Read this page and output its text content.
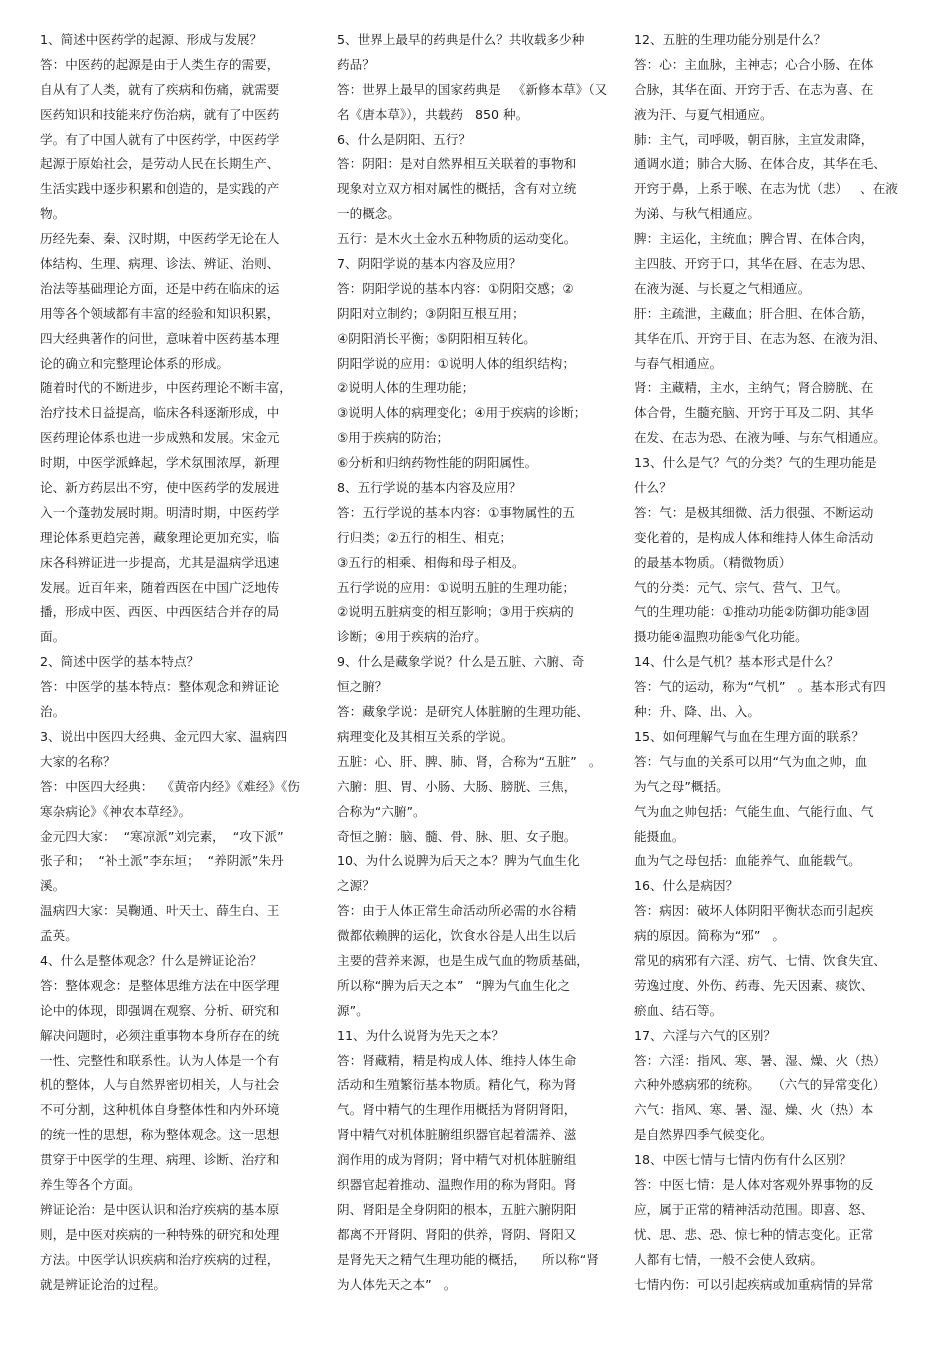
1、简述中医药学的起源、形成与发展？
答：中医药的起源是由于人类生存的需要，
自从有了人类，就有了疾病和伤痛，就需要
医药知识和技能来疗伤治病，就有了中医药
学。有了中国人就有了中医药学，中医药学
起源于原始社会，是劳动人民在长期生产、
生活实践中逐步积累和创造的，是实践的产
物。
历经先秦、秦、汉时期，中医药学无论在人
体结构、生理、病理、诊法、辨证、治则、
治法等基础理论方面，还是中药在临床的运
用等各个领域都有丰富的经验和知识积累，
四大经典著作的问世，意味着中医药基本理
论的确立和完整理论体系的形成。
随着时代的不断进步，中医药理论不断丰富，
治疗技术日益提高，临床各科逐渐形成，中
医药理论体系也进一步成熟和发展。宋金元
时期，中医学派蜂起，学术氛围浓厚，新理
论、新方药层出不穷，使中医药学的发展进
入一个蓬勃发展时期。明清时期，中医药学
理论体系更趋完善，藏象理论更加充实，临
床各科辨证进一步提高，尤其是温病学迅速
发展。近百年来，随着西医在中国广泛地传
播，形成中医、西医、中西医结合并存的局
面。
2、简述中医学的基本特点？
答：中医学的基本特点：整体观念和辨证论
治。
3、说出中医四大经典、金元四大家、温病四
大家的名称？
答：中医四大经典：  《黄帝内经》《难经》《伤
寒杂病论》《神农本草经》。
金元四大家：  “寒凉派”刘完素，  “攻下派”
张子和；  “补土派”李东垣；  “养阴派”朱丹
溪。
温病四大家：吴鞠通、叶天士、薛生白、王
孟英。
4、什么是整体观念？什么是辨证论治？
答：整体观念：是整体思维方法在中医学理
论中的体现，即强调在观察、分析、研究和
解决问题时，必须注重事物本身所存在的统
一性、完整性和联系性。认为人体是一个有
机的整体，人与自然界密切相关，人与社会
不可分割，这种机体自身整体性和内外环境
的统一性的思想，称为整体观念。这一思想
贯穿于中医学的生理、病理、诊断、治疗和
养生等各个方面。
辨证论治：是中医认识和治疗疾病的基本原
则，是中医对疾病的一种特殊的研究和处理
方法。中医学认识疾病和治疗疾病的过程，
就是辨证论治的过程。
5、世界上最早的药典是什么？共收载多少种
药品？
答：世界上最早的国家药典是   《新修本草》（又
名《唐本草》），共载药   850 种。
6、什么是阴阳、五行？
答：阴阳：是对自然界相互关联着的事物和
现象对立双方相对属性的概括，含有对立统
一的概念。
五行：是木火土金水五种物质的运动变化。
7、阴阳学说的基本内容及应用？
答：阴阳学说的基本内容：①阴阳交感；②
阴阳对立制约；③阴阳互根互用；
④阴阳消长平衡；⑤阴阳相互转化。
阴阳学说的应用：①说明人体的组织结构；
②说明人体的生理功能；
③说明人体的病理变化；④用于疾病的诊断；
⑤用于疾病的防治；
⑥分析和归纳药物性能的阴阳属性。
8、五行学说的基本内容及应用？
答：五行学说的基本内容：①事物属性的五
行归类；②五行的相生、相克；
③五行的相乘、相侮和母子相及。
五行学说的应用：①说明五脏的生理功能；
②说明五脏病变的相互影响；③用于疾病的
诊断；④用于疾病的治疗。
9、什么是藏象学说？什么是五脏、六腑、奇
恒之腑？
答：藏象学说：是研究人体脏腑的生理功能、
病理变化及其相互关系的学说。
五脏：心、肝、脾、肺、肾，合称为“五脏”   。
六腑：胆、胃、小肠、大肠、膀胱、三焦，
合称为“六腑”。
奇恒之腑：脑、髓、骨、脉、胆、女子胞。
10、为什么说脾为后天之本？脾为气血生化
之源？
答：由于人体正常生命活动所必需的水谷精
微都依赖脾的运化，饮食水谷是人出生以后
主要的营养来源，也是生成气血的物质基础，
所以称“脾为后天之本”   “脾为气血生化之
源”。
11、为什么说肾为先天之本？
答：肾藏精，精是构成人体、维持人体生命
活动和生殖繁衍基本物质。精化气，称为肾
气。肾中精气的生理作用概括为肾阴肾阳，
肾中精气对机体脏腑组织器官起着濡养、滋
润作用的成为肾阴；肾中精气对机体脏腑组
织器官起着推动、温煦作用的称为肾阳。肾
阴、肾阳是全身阴阳的根本，五脏六腑阴阳
都离不开肾阴、肾阳的供养，肾阴、肾阳又
是肾先天之精气生理功能的概括，    所以称“肾
为人体先天之本”   。
12、五脏的生理功能分别是什么？
答：心：主血脉，主神志；心合小肠、在体
合脉，其华在面、开窍于舌、在志为喜、在
液为汗、与夏气相通应。
肺：主气，司呼吸，朝百脉，主宣发肃降，
通调水道；肺合大肠、在体合皮，其华在毛、
开窍于鼻，上系于喉、在志为忧（悲）   、在液
为涕、与秋气相通应。
脾：主运化，主统血；脾合胃、在体合肉，
主四肢、开窍于口，其华在唇、在志为思、
在液为涎、与长夏之气相通应。
肝：主疏泄，主藏血；肝合胆、在体合筋，
其华在爪、开窍于目、在志为怒、在液为泪、
与春气相通应。
肾：主藏精，主水，主纳气；肾合膀胱、在
体合骨，生髓充脑、开窍于耳及二阴、其华
在发、在志为恐、在液为唾、与东气相通应。
13、什么是气？气的分类？气的生理功能是
什么？
答：气：是极其细微、活力很强、不断运动
变化着的，是构成人体和维持人体生命活动
的最基本物质。（精微物质）
气的分类：元气、宗气、营气、卫气。
气的生理功能：①推动功能②防御功能③固
摄功能④温煦功能⑤气化功能。
14、什么是气机？基本形式是什么？
答：气的运动，称为“气机”   。基本形式有四
种：升、降、出、入。
15、如何理解气与血在生理方面的联系？
答：气与血的关系可以用“气为血之帅，血
为气之母”概括。
气为血之帅包括：气能生血、气能行血、气
能摄血。
血为气之母包括：血能养气、血能载气。
16、什么是病因？
答：病因：破坏人体阴阳平衡状态而引起疾
病的原因。简称为“邪”   。
常见的病邪有六淫、疠气、七情、饮食失宜、
劳逸过度、外伤、药毒、先天因素、痰饮、
瘀血、结石等。
17、六淫与六气的区别？
答：六淫：指风、寒、暑、湿、燥、火（热）
六种外感病邪的统称。   （六气的异常变化）
六气：指风、寒、暑、湿、燥、火（热）本
是自然界四季气候变化。
18、中医七情与七情内伤有什么区别？
答：中医七情：是人体对客观外界事物的反
应，属于正常的精神活动范围。即喜、怒、
忧、思、悲、恐、惊七种的情志变化。正常
人都有七情，一般不会使人致病。
七情内伤：可以引起疾病或加重病情的异常
